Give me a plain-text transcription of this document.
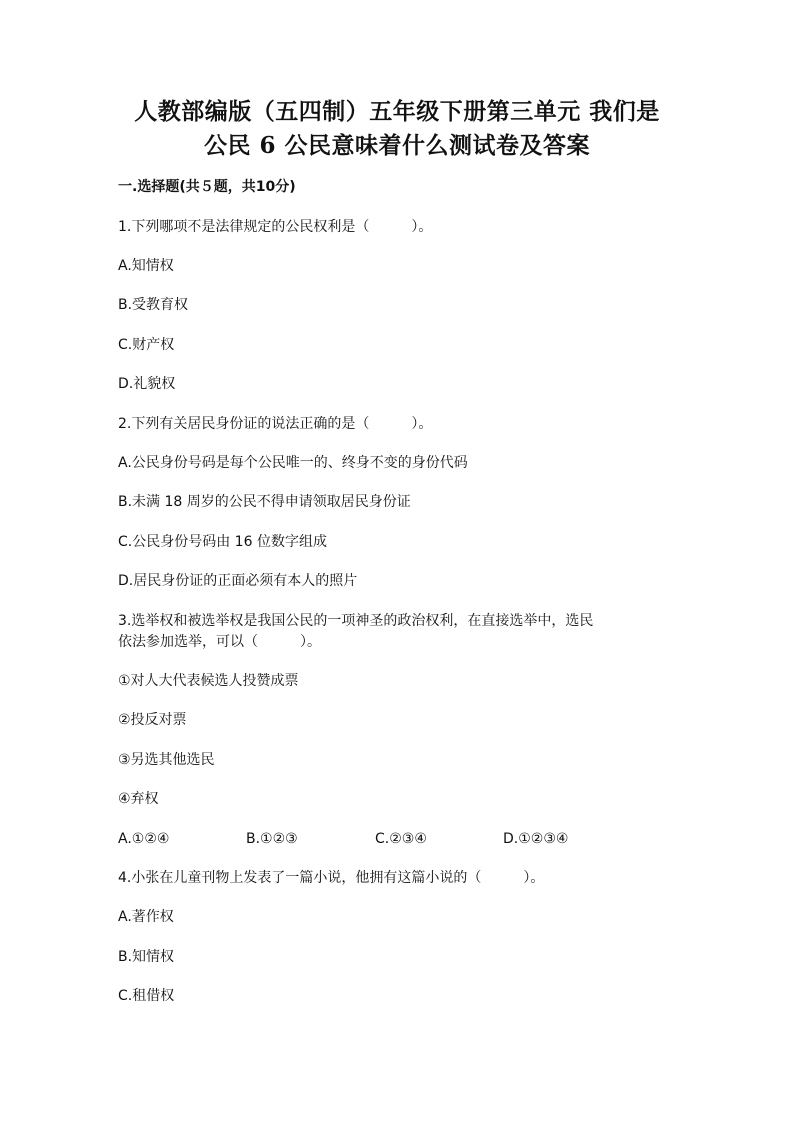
人教部编版（五四制）五年级下册第三单元 我们是
公民 6 公民意味着什么测试卷及答案
一.选择题(共５题，共10分)
1.下列哪项不是法律规定的公民权利是（　　　）。
A.知情权
B.受教育权
C.财产权
D.礼貌权
2.下列有关居民身份证的说法正确的是（　　　）。
A.公民身份号码是每个公民唯一的、终身不变的身份代码
B.未满 18 周岁的公民不得申请领取居民身份证
C.公民身份号码由 16 位数字组成
D.居民身份证的正面必须有本人的照片
3.选举权和被选举权是我国公民的一项神圣的政治权利，在直接选举中，选民
依法参加选举，可以（　　　）。
①对人大代表候选人投赞成票
②投反对票
③另选其他选民
④弃权
A.①②④	B.①②③	C.②③④	D.①②③④
4.小张在儿童刊物上发表了一篇小说，他拥有这篇小说的（　　　）。
A.著作权
B.知情权
C.租借权
